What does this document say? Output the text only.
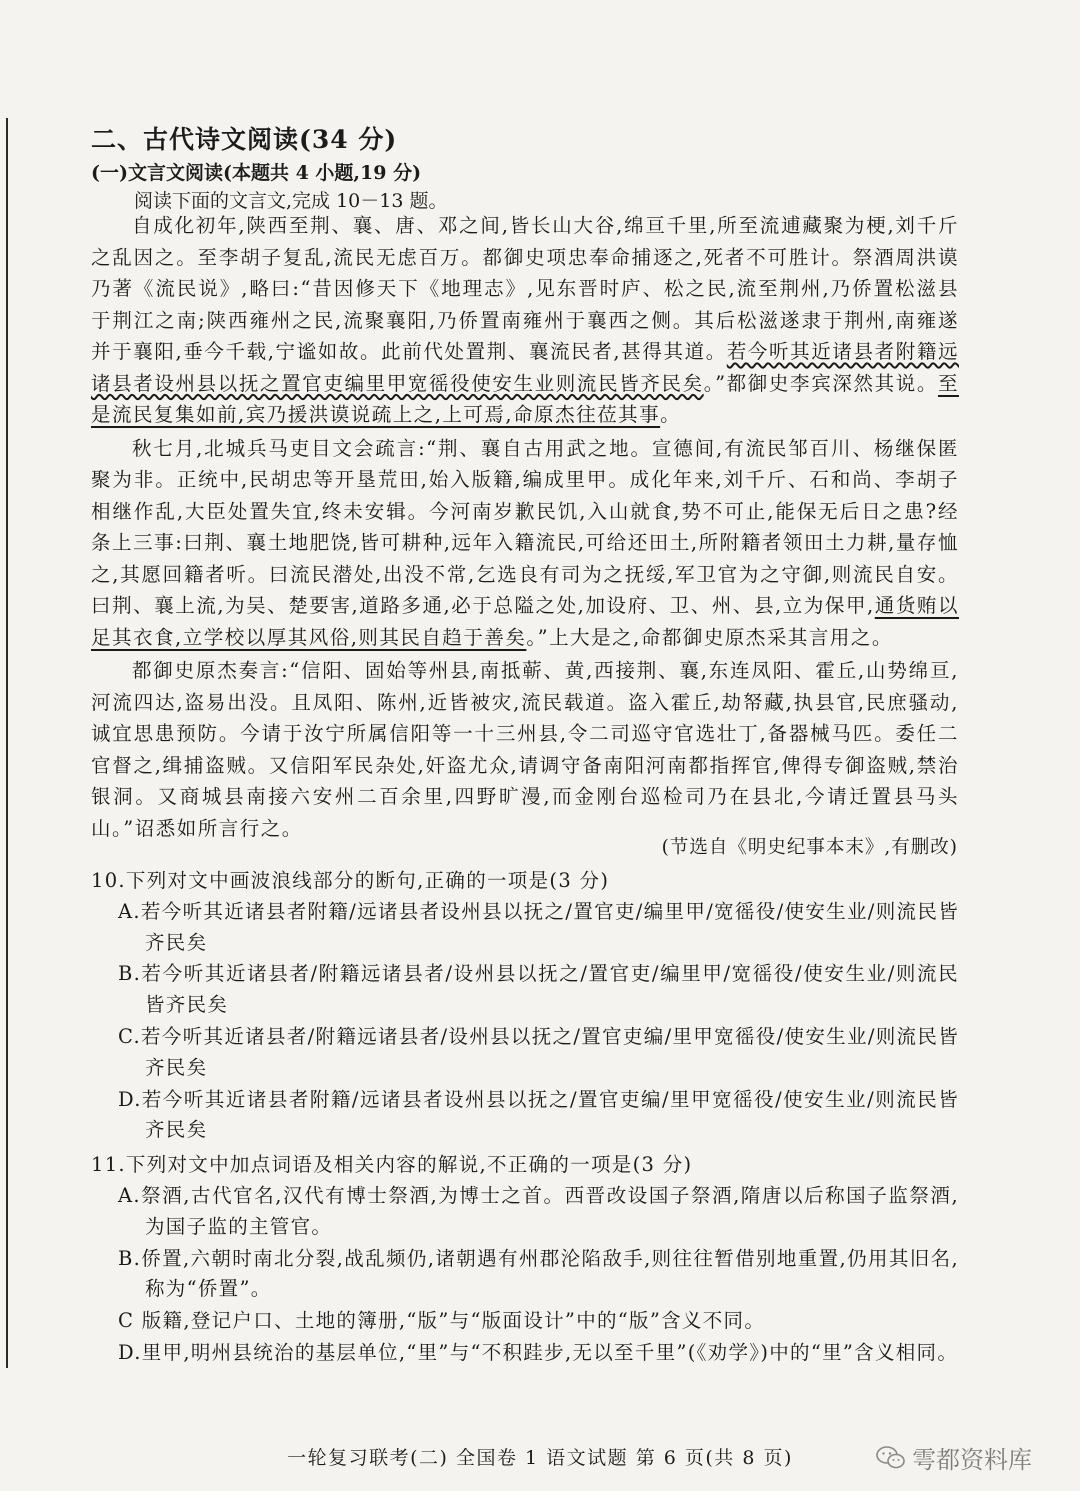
二、古代诗文阅读(34 分)
(一)文言文阅读(本题共 4 小题,19 分)
阅读下面的文言文,完成 10－13 题。

自成化初年,陕西至荆、襄、唐、邓之间,皆长山大谷,绵亘千里,所至流逋藏聚为梗,刘千斤之乱因之。至李胡子复乱,流民无虑百万。都御史项忠奉命捕逐之,死者不可胜计。祭酒周洪谟乃著《流民说》,略曰:“昔因修天下《地理志》,见东晋时庐、松之民,流至荆州,乃侨置松滋县于荆江之南;陕西雍州之民,流聚襄阳,乃侨置南雍州于襄西之侧。其后松滋遂隶于荆州,南雍遂并于襄阳,垂今千载,宁谧如故。此前代处置荆、襄流民者,甚得其道。若今听其近诸县者附籍远诸县者设州县以抚之置官吏编里甲宽徭役使安生业则流民皆齐民矣。”都御史李宾深然其说。至是流民复集如前,宾乃援洪谟说疏上之,上可焉,命原杰往莅其事。

秋七月,北城兵马吏目文会疏言:“荆、襄自古用武之地。宣德间,有流民邹百川、杨继保匿聚为非。正统中,民胡忠等开垦荒田,始入版籍,编成里甲。成化年来,刘千斤、石和尚、李胡子相继作乱,大臣处置失宜,终未安辑。今河南岁歉民饥,入山就食,势不可止,能保无后日之患?经条上三事:曰荆、襄土地肥饶,皆可耕种,远年入籍流民,可给还田土,所附籍者领田土力耕,量存恤之,其愿回籍者听。曰流民潜处,出没不常,乞选良有司为之抚绥,军卫官为之守御,则流民自安。曰荆、襄上流,为吴、楚要害,道路多通,必于总隘之处,加设府、卫、州、县,立为保甲,通货贿以足其衣食,立学校以厚其风俗,则其民自趋于善矣。”上大是之,命都御史原杰采其言用之。

都御史原杰奏言:“信阳、固始等州县,南抵蕲、黄,西接荆、襄,东连凤阳、霍丘,山势绵亘,河流四达,盗易出没。且凤阳、陈州,近皆被灾,流民载道。盗入霍丘,劫帑藏,执县官,民庶骚动,诚宜思患预防。今请于汝宁所属信阳等一十三州县,令二司巡守官选壮丁,备器械马匹。委任二官督之,缉捕盗贼。又信阳军民杂处,奸盗尤众,请调守备南阳河南都指挥官,俾得专御盗贼,禁治银洞。又商城县南接六安州二百余里,四野旷漫,而金刚台巡检司乃在县北,今请迁置县马头山。”诏悉如所言行之。

(节选自《明史纪事本末》,有删改)

10.下列对文中画波浪线部分的断句,正确的一项是(3 分)

A.若今听其近诸县者附籍/远诸县者设州县以抚之/置官吏/编里甲/宽徭役/使安生业/则流民皆齐民矣

B.若今听其近诸县者/附籍远诸县者/设州县以抚之/置官吏/编里甲/宽徭役/使安生业/则流民皆齐民矣

C.若今听其近诸县者/附籍远诸县者/设州县以抚之/置官吏编/里甲宽徭役/使安生业/则流民皆齐民矣

D.若今听其近诸县者附籍/远诸县者设州县以抚之/置官吏编/里甲宽徭役/使安生业/则流民皆齐民矣

11.下列对文中加点词语及相关内容的解说,不正确的一项是(3 分)

A.祭酒,古代官名,汉代有博士祭酒,为博士之首。西晋改设国子祭酒,隋唐以后称国子监祭酒,为国子监的主管官。

B.侨置,六朝时南北分裂,战乱频仍,诸朝遇有州郡沦陷敌手,则往往暂借别地重置,仍用其旧名,称为“侨置”。

C 版籍,登记户口、土地的簿册,“版”与“版面设计”中的“版”含义不同。

D.里甲,明州县统治的基层单位,“里”与“不积跬步,无以至千里”(《劝学》)中的“里”含义相同。

一轮复习联考(二) 全国卷 1 语文试题 第 6 页(共 8 页)	雩都资料库
